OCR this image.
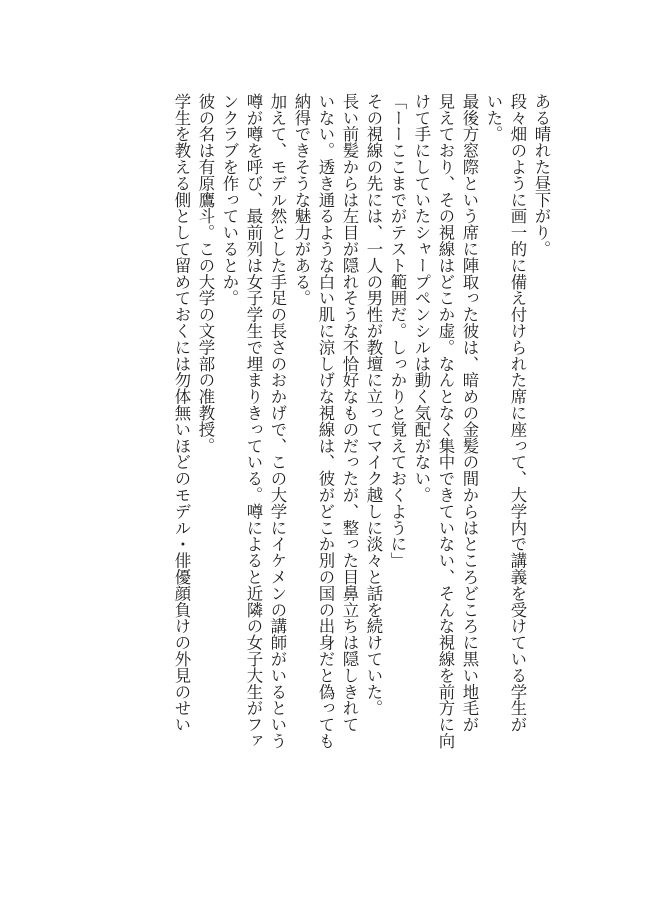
ある晴れた昼下がり。
段々畑のように画一的に備え付けられた席に座って、大学内で講義を受けている学生が
いた。
最後方窓際という席に陣取った彼は、暗めの金髪の間からはところどころに黒い地毛が
見えており、その視線はどこか虚。なんとなく集中できていない、そんな視線を前方に向
けて手にしていたシャープペンシルは動く気配がない。
「ーーここまでがテスト範囲だ。しっかりと覚えておくように」
その視線の先には、一人の男性が教壇に立ってマイク越しに淡々と話を続けていた。
長い前髪からは左目が隠れそうな不恰好なものだったが、整った目鼻立ちは隠しきれて
いない。透き通るような白い肌に涼しげな視線は、彼がどこか別の国の出身だと偽っても
納得できそうな魅力がある。
加えて、モデル然とした手足の長さのおかげで、この大学にイケメンの講師がいるという
噂が噂を呼び、最前列は女子学生で埋まりきっている。噂によると近隣の女子大生がファ
ンクラブを作っているとか。
彼の名は有原鷹斗。この大学の文学部の准教授。
学生を教える側として留めておくには勿体無いほどのモデル・俳優顔負けの外見のせい
